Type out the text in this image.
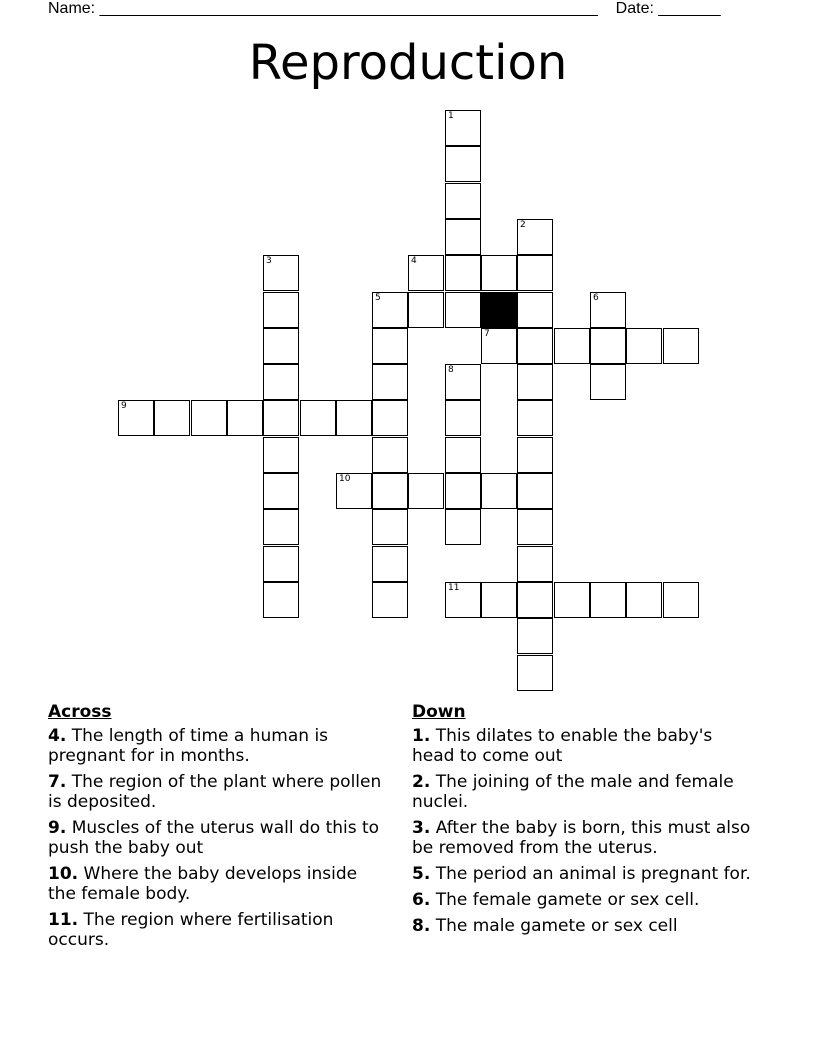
Name: ________________________________________________________ Date: _______
Reproduction
1
2
3	4
5	6
7
8
9
10
11
Across
4. The length of time a human is pregnant for in months.
7. The region of the plant where pollen is deposited.
9. Muscles of the uterus wall do this to push the baby out
10. Where the baby develops inside the female body.
11. The region where fertilisation occurs.
Down
1. This dilates to enable the baby's head to come out
2. The joining of the male and female nuclei.
3. After the baby is born, this must also be removed from the uterus.
5. The period an animal is pregnant for.
6. The female gamete or sex cell.
8. The male gamete or sex cell
